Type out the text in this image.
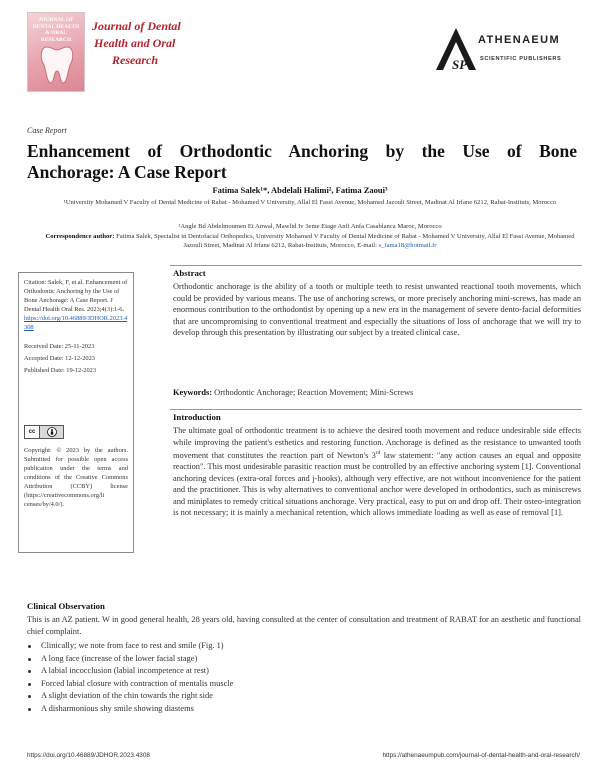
JOURNAL OF DENTAL HEALTH & ORAL RESEARCH
Journal of Dental
Health and Oral
Research	SP
ATHENAEUM
SCIENTIFIC PUBLISHERS
Case Report
Enhancement of Orthodontic Anchoring by the Use of Bone
Anchorage: A Case Report
Fatima Salek¹*, Abdelali Halimi², Fatima Zaoui³
¹University Mohamed V Faculty of Dental Medicine of Rabat - Mohamed V University, Allal El Fassi Avenue, Mohamed Jazouli Street, Madinat Al Irfane 6212, Rabat-Instituts, Morocco
²Angle Bd Abdelmoumen Et Anwal, Mawlid Iv 3eme Etage Anfi Anfa Casablanca Maroc, Morocco
Correspondence author: Fatima Salek, Specialist in Dentofacial Orthopedics, University Mohamed V Faculty of Dental Medicine of Rabat - Mohamed V University, Allal El Fassi Avenue, Mohamed Jazouli Street, Madinat Al Irfane 6212, Rabat-Instituts, Morocco, E-mail: s_fama18@hotmail.fr
Citation: Salek, F, et al. Enhancement of Orthodontic Anchoring by the Use of Bone Anchorage: A Case Report. J Dental Health Oral Res. 2023;4(3):1-6.
https://doi.org/10.46889/JDHOR.2023.4308
Received Date: 25-11-2023
Accepted Date: 12-12-2023
Published Date: 19-12-2023
cc
Copyright: © 2023 by the authors. Submitted for possible open access publication under the terms and conditions of the Creative Commons Attribution (CCBY) license (https://creativecommons.org/li censes/by/4.0/).
Abstract
Orthodontic anchorage is the ability of a tooth or multiple teeth to resist unwanted reactional tooth movements, which could be provided by various means. The use of anchoring screws, or more precisely anchoring mini-screws, has made an enormous contribution to the orthodontist by opening up a new era in the management of severe dento-facial deformities that are uncompromising to conventional treatment and especially the situations of loss of anchorage that we will try to develop through this presentation by illustrating our subject by a treated clinical case.
Keywords: Orthodontic Anchorage; Reaction Movement; Mini-Screws
Introduction
The ultimate goal of orthodontic treatment is to achieve the desired tooth movement and reduce undesirable side effects while improving the patient's esthetics and restoring function. Anchorage is defined as the resistance to unwanted tooth movement that constitutes the reaction part of Newton's 3rd law statement: "any action causes an equal and opposite reaction". This most undesirable parasitic reaction must be controlled by an effective anchoring system [1]. Conventional anchoring devices (extra-oral forces and j-hooks), although very effective, are not without inconvenience for the patient and the practitioner. This is why alternatives to conventional anchor were developed in orthodontics, such as miniscrews and miniplates to remedy critical situations anchorage. Very practical, easy to put on and drop off. Their osteo-integration is not necessary; it is mainly a mechanical retention, which allows immediate loading as well as ease of removal [1].
Clinical Observation
This is an AZ patient. W in good general health, 28 years old, having consulted at the center of consultation and treatment of RABAT for an aesthetic and functional chief complaint.
Clinically; we note from face to rest and smile (Fig. 1)
A long face (increase of the lower facial stage)
A labial incocclusion (labial incompetence at rest)
Forced labial closure with contraction of mentalis muscle
A slight deviation of the chin towards the right side
A disharmonious shy smile showing diastems
https://doi.org/10.46889/JDHOR.2023.4308	https://athenaeumpub.com/journal-of-dental-health-and-oral-research/
